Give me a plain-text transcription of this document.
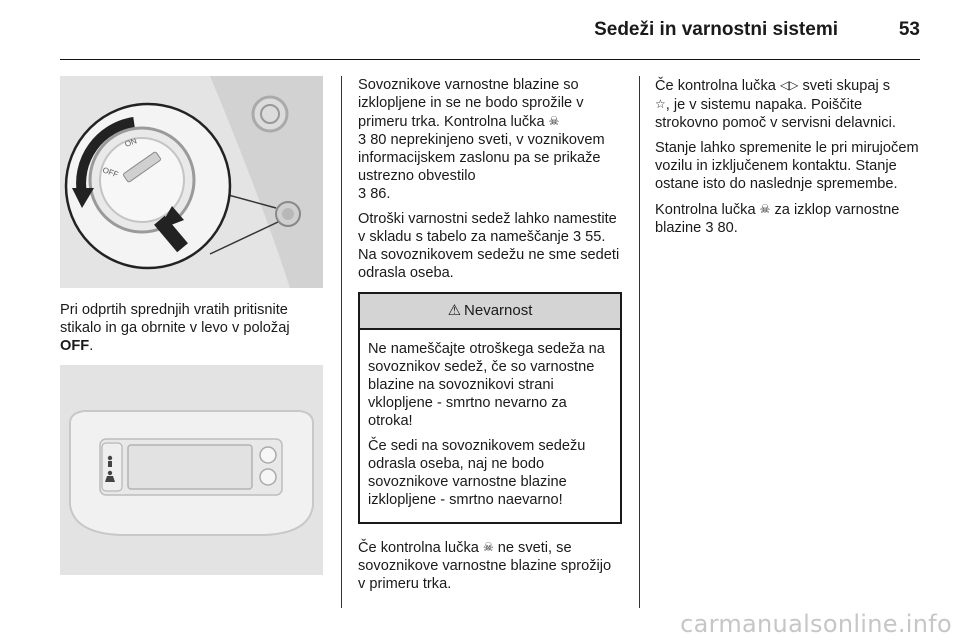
Sedeži in varnostni sistemi	53
ON
OFF
Pri odprtih sprednjih vratih pritisnite stikalo in ga obrnite v levo v položaj OFF.

Sovoznikove varnostne blazine so izklopljene in se ne bodo sprožile v primeru trka. Kontrolna lučka ☠
3 80 neprekinjeno sveti, v voznikovem informacijskem zaslonu pa se prikaže ustrezno obvestilo
3 86.

Otroški varnostni sedež lahko namestite v skladu s tabelo za nameščanje 3 55. Na sovoznikovem sedežu ne sme sedeti odrasla oseba.

⚠ Nevarnost

Ne nameščajte otroškega sedeža na sovoznikov sedež, če so varnostne blazine na sovoznikovi strani vklopljene - smrtno nevarno za otroka!

Če sedi na sovoznikovem sedežu odrasla oseba, naj ne bodo sovoznikove varnostne blazine izklopljene - smrtno naevarno!

Če kontrolna lučka ☠ ne sveti, se sovoznikove varnostne blazine sprožijo v primeru trka.

Če kontrolna lučka ◁▷ sveti skupaj s
☆, je v sistemu napaka. Poiščite strokovno pomoč v servisni delavnici.

Stanje lahko spremenite le pri mirujočem vozilu in izključenem kontaktu. Stanje ostane isto do naslednje spremembe.

Kontrolna lučka ☠ za izklop varnostne blazine 3 80.

carmanualsonline.info
